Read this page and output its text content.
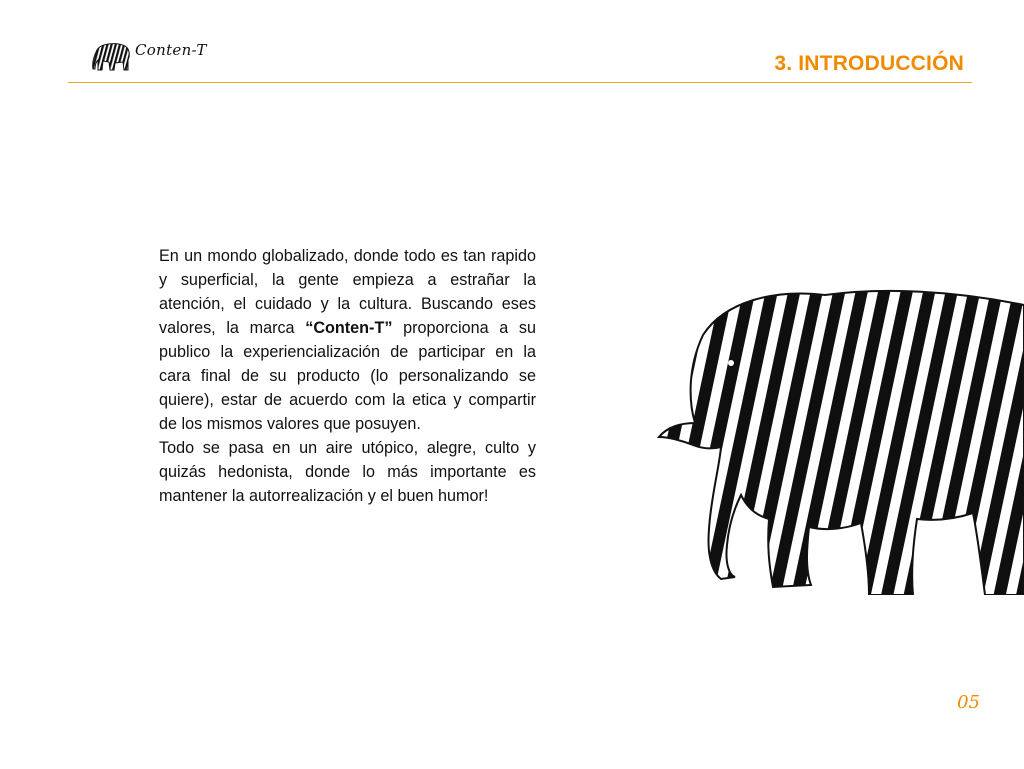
Conten-T
3. INTRODUCCIÓN

En un mondo globalizado, donde todo es tan rapido y superficial, la gente empieza a estrañar la atención, el cuidado y la cultura. Buscando eses valores, la marca “Conten-T” proporciona a su publico la experiencialización de participar en la cara final de su producto (lo personalizando se quiere), estar de acuerdo com la etica y compartir de los mismos valores que posuyen.

Todo se pasa en un aire utópico, alegre, culto y quizás hedonista, donde lo más importante es mantener la autorrealización y el buen humor!

05
